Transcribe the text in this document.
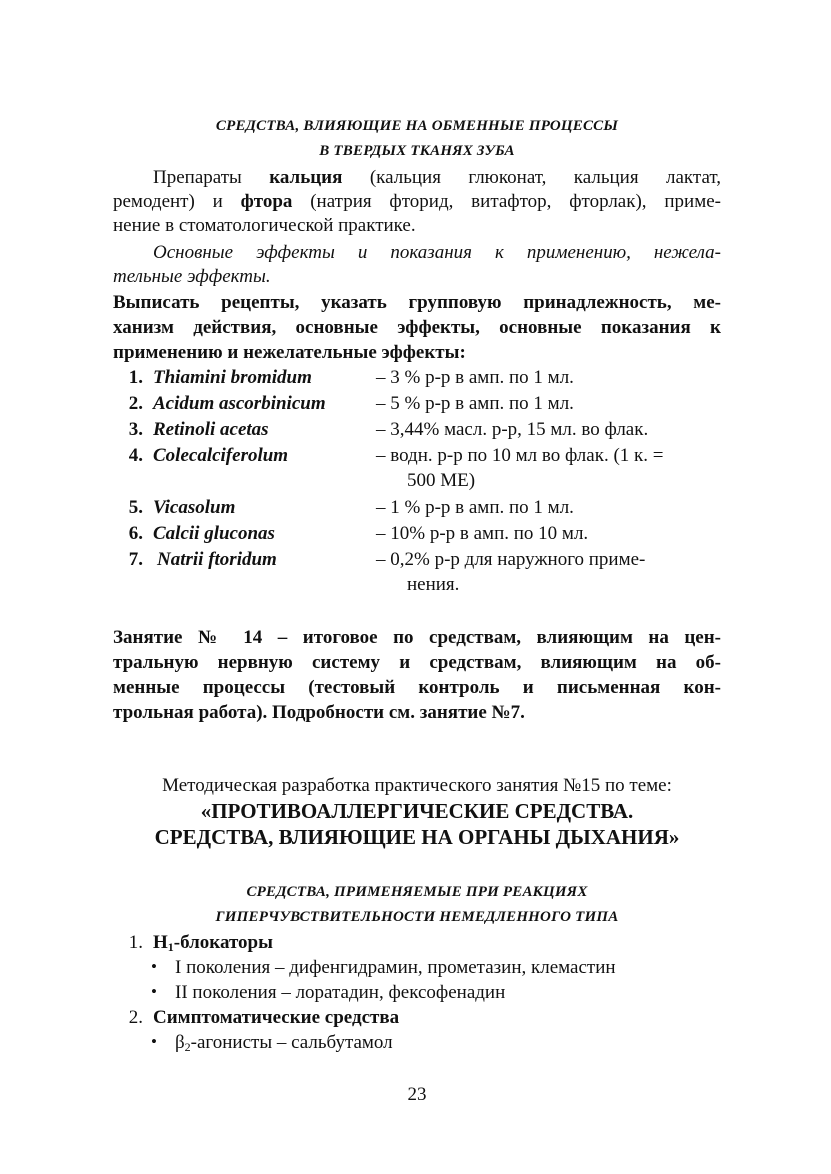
СРЕДСТВА, ВЛИЯЮЩИЕ НА ОБМЕННЫЕ ПРОЦЕССЫ
В ТВЕРДЫХ ТКАНЯХ ЗУБА
Препараты кальция (кальция глюконат, кальция лактат,
ремодент) и фтора (натрия фторид, витафтор, фторлак), приме-
нение в стоматологической практике.
Основные эффекты и показания к применению, нежела-
тельные эффекты.
Выписать рецепты, указать групповую принадлежность, ме-
ханизм действия, основные эффекты, основные показания к
применению и нежелательные эффекты:
1. Thiamini bromidum	– 3 % р-р в амп. по 1 мл.
2. Acidum ascorbinicum	– 5 % р-р в амп. по 1 мл.
3. Retinoli acetas	– 3,44% масл. р-р, 15 мл. во флак.
4. Colecalciferolum	– водн. р-р по 10 мл во флак. (1 к. =
500 МЕ)
5. Vicasolum	– 1 % р-р в амп. по 1 мл.
6. Calcii gluconas	– 10% р-р в амп. по 10 мл.
7. Natrii ftoridum	– 0,2% р-р для наружного приме-
нения.
Занятие № 14 – итоговое по средствам, влияющим на цен-
тральную нервную систему и средствам, влияющим на об-
менные процессы (тестовый контроль и письменная кон-
трольная работа). Подробности см. занятие №7.
Методическая разработка практического занятия №15 по теме:
«ПРОТИВОАЛЛЕРГИЧЕСКИЕ СРЕДСТВА.
СРЕДСТВА, ВЛИЯЮЩИЕ НА ОРГАНЫ ДЫХАНИЯ»
СРЕДСТВА, ПРИМЕНЯЕМЫЕ ПРИ РЕАКЦИЯХ
ГИПЕРЧУВСТВИТЕЛЬНОСТИ НЕМЕДЛЕННОГО ТИПА
1. $Н_1$-блокаторы
• I поколения – дифенгидрамин, прометазин, клемастин
• II поколения – лоратадин, фексофенадин
2. Симптоматические средства
• $\beta_2$-агонисты – сальбутамол
23
